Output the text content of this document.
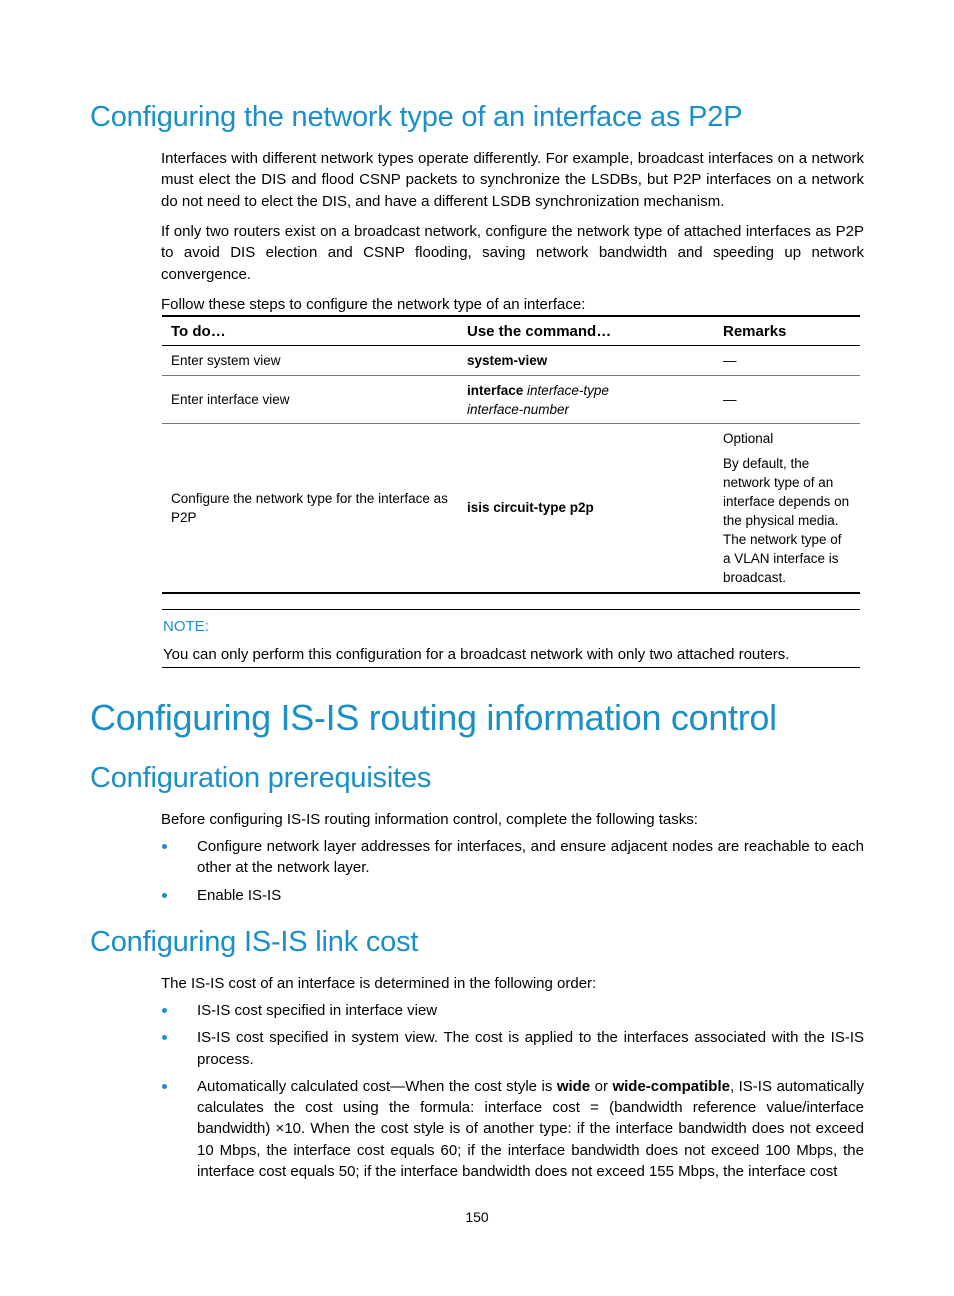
Configuring the network type of an interface as P2P

Interfaces with different network types operate differently. For example, broadcast interfaces on a network must elect the DIS and flood CSNP packets to synchronize the LSDBs, but P2P interfaces on a network do not need to elect the DIS, and have a different LSDB synchronization mechanism.

If only two routers exist on a broadcast network, configure the network type of attached interfaces as P2P to avoid DIS election and CSNP flooding, saving network bandwidth and speeding up network convergence.

Follow these steps to configure the network type of an interface:

To do…	Use the command…	Remarks
Enter system view	system-view	—
Enter interface view	interface interface-type
interface-number	—
Configure the network type for the interface as P2P	isis circuit-type p2p	Optional
By default, the network type of an interface depends on the physical media. The network type of a VLAN interface is broadcast.
NOTE:
You can only perform this configuration for a broadcast network with only two attached routers.
Configuring IS-IS routing information control
Configuration prerequisites

Before configuring IS-IS routing information control, complete the following tasks:

Configure network layer addresses for interfaces, and ensure adjacent nodes are reachable to each other at the network layer.
Enable IS-IS
Configuring IS-IS link cost

The IS-IS cost of an interface is determined in the following order:

IS-IS cost specified in interface view
IS-IS cost specified in system view. The cost is applied to the interfaces associated with the IS-IS process.
Automatically calculated cost—When the cost style is wide or wide-compatible, IS-IS automatically calculates the cost using the formula: interface cost = (bandwidth reference value/interface bandwidth) ×10. When the cost style is of another type: if the interface bandwidth does not exceed 10 Mbps, the interface cost equals 60; if the interface bandwidth does not exceed 100 Mbps, the interface cost equals 50; if the interface bandwidth does not exceed 155 Mbps, the interface cost
150
